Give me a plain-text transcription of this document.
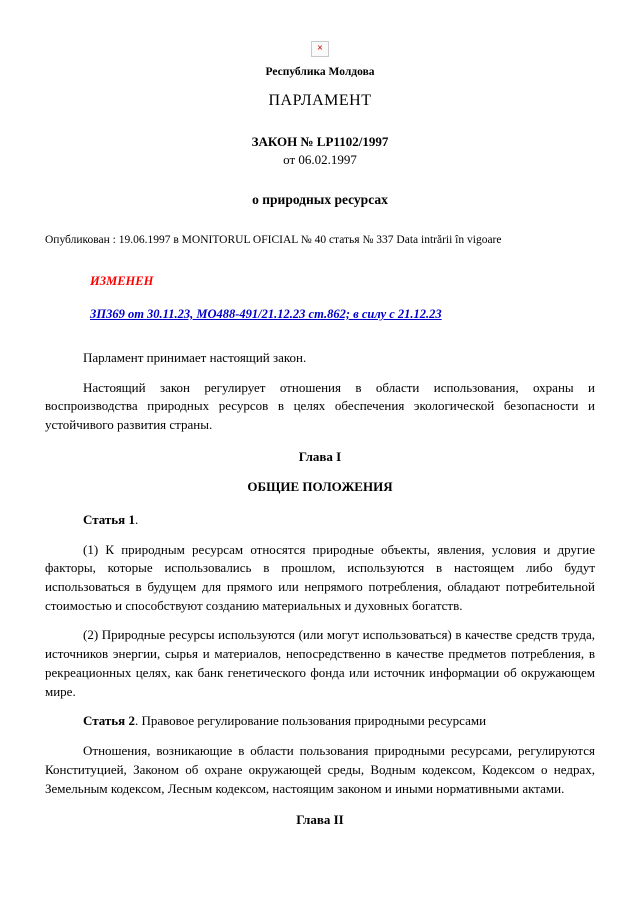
×
Республика Молдова
ПАРЛАМЕНТ
ЗАКОН № LP1102/1997
от 06.02.1997
о природных ресурсах
Опубликован : 19.06.1997 в MONITORUL OFICIAL № 40 статья № 337 Data intrării în vigoare
ИЗМЕНЕН
ЗП369 от 30.11.23, МО488-491/21.12.23 ст.862; в силу с 21.12.23

Парламент принимает настоящий закон.

Настоящий закон регулирует отношения в области использования, охраны и воспроизводства природных ресурсов в целях обеспечения экологической безопасности и устойчивого развития страны.

Глава I
ОБЩИЕ ПОЛОЖЕНИЯ

Статья 1.

(1) К природным ресурсам относятся природные объекты, явления, условия и другие факторы, которые использовались в прошлом, используются в настоящем либо будут использоваться в будущем для прямого или непрямого потребления, обладают потребительной стоимостью и способствуют созданию материальных и духовных богатств.

(2) Природные ресурсы используются (или могут использоваться) в качестве средств труда, источников энергии, сырья и материалов, непосредственно в качестве предметов потребления, в рекреационных целях, как банк генетического фонда или источник информации об окружающем мире.

Статья 2. Правовое регулирование пользования природными ресурсами

Отношения, возникающие в области пользования природными ресурсами, регулируются Конституцией, Законом об охране окружающей среды, Водным кодексом, Кодексом о недрах, Земельным кодексом, Лесным кодексом, настоящим законом и иными нормативными актами.

Глава II
